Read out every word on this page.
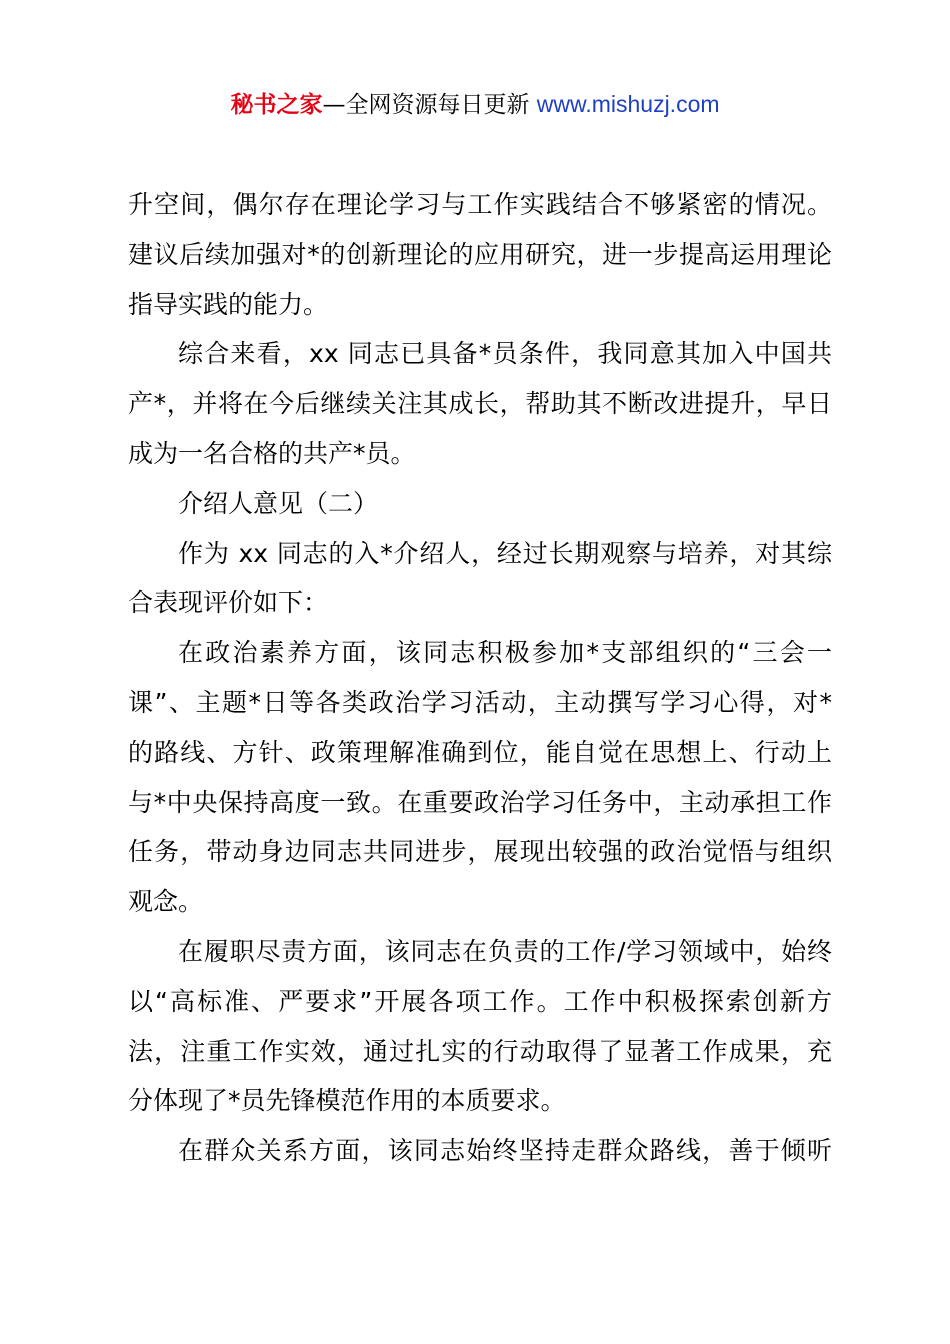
秘书之家—全网资源每日更新 www.mishuzj.com
升空间，偶尔存在理论学习与工作实践结合不够紧密的情况。
建议后续加强对*的创新理论的应用研究，进一步提高运用理论
指导实践的能力。
综合来看，xx 同志已具备*员条件，我同意其加入中国共
产*，并将在今后继续关注其成长，帮助其不断改进提升，早日
成为一名合格的共产*员。
介绍人意见（二）
作为 xx 同志的入*介绍人，经过长期观察与培养，对其综
合表现评价如下：
在政治素养方面，该同志积极参加*支部组织的“三会一
课”、主题*日等各类政治学习活动，主动撰写学习心得，对*
的路线、方针、政策理解准确到位，能自觉在思想上、行动上
与*中央保持高度一致。在重要政治学习任务中，主动承担工作
任务，带动身边同志共同进步，展现出较强的政治觉悟与组织
观念。
在履职尽责方面，该同志在负责的工作/学习领域中，始终
以“高标准、严要求”开展各项工作。工作中积极探索创新方
法，注重工作实效，通过扎实的行动取得了显著工作成果，充
分体现了*员先锋模范作用的本质要求。
在群众关系方面，该同志始终坚持走群众路线，善于倾听
